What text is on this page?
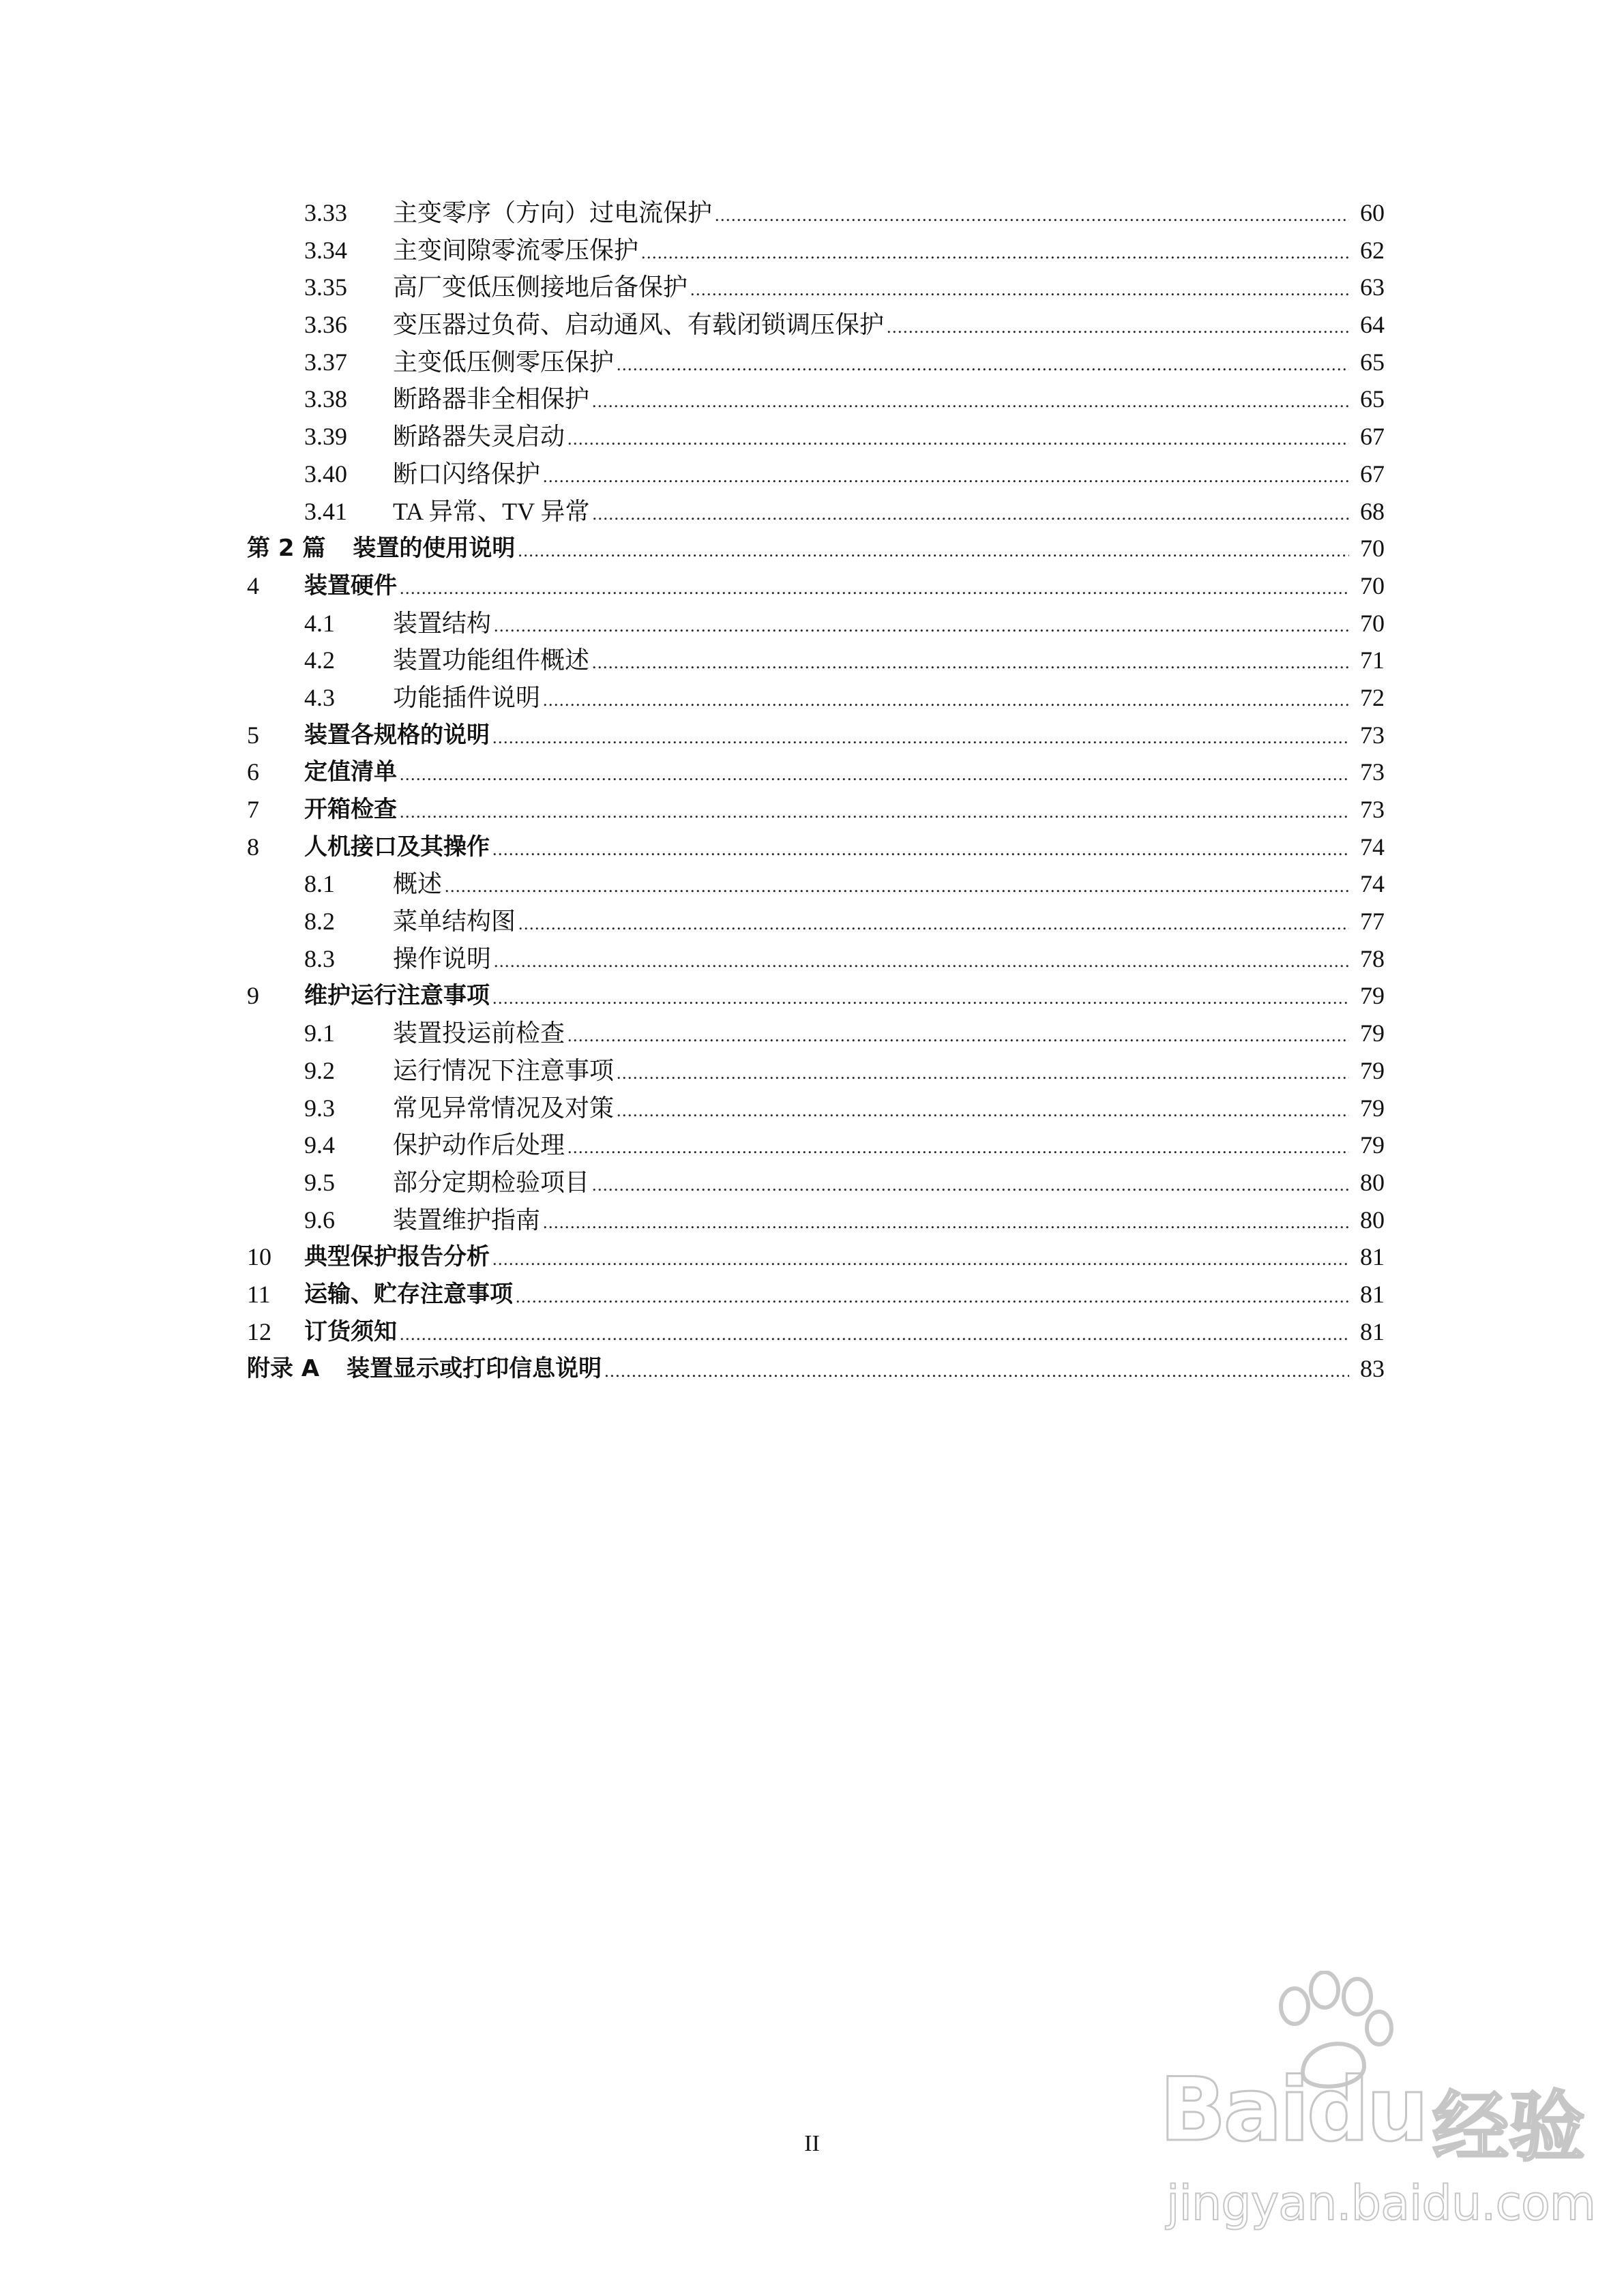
3.33	主变零序（方向）过电流保护 .....	60
3.34	主变间隙零流零压保护 .....	62
3.35	高厂变低压侧接地后备保护 .....	63
3.36	变压器过负荷、启动通风、有载闭锁调压保护 .....	64
3.37	主变低压侧零压保护 .....	65
3.38	断路器非全相保护 .....	65
3.39	断路器失灵启动 .....	67
3.40	断口闪络保护 .....	67
3.41	TA 异常、TV 异常 .....	68
第 2 篇 装置的使用说明 .....	70
4	装置硬件 .....	70
4.1	装置结构 .....	70
4.2	装置功能组件概述 .....	71
4.3	功能插件说明 .....	72
5	装置各规格的说明 .....	73
6	定值清单 .....	73
7	开箱检查 .....	73
8	人机接口及其操作 .....	74
8.1	概述 .....	74
8.2	菜单结构图 .....	77
8.3	操作说明 .....	78
9	维护运行注意事项 .....	79
9.1	装置投运前检查 .....	79
9.2	运行情况下注意事项 .....	79
9.3	常见异常情况及对策 .....	79
9.4	保护动作后处理 .....	79
9.5	部分定期检验项目 .....	80
9.6	装置维护指南 .....	80
10	典型保护报告分析 .....	81
11	运输、贮存注意事项 .....	81
12	订货须知 .....	81
附录 A 装置显示或打印信息说明 .....	83
II	Baidu 经验
jingyan.baidu.com
